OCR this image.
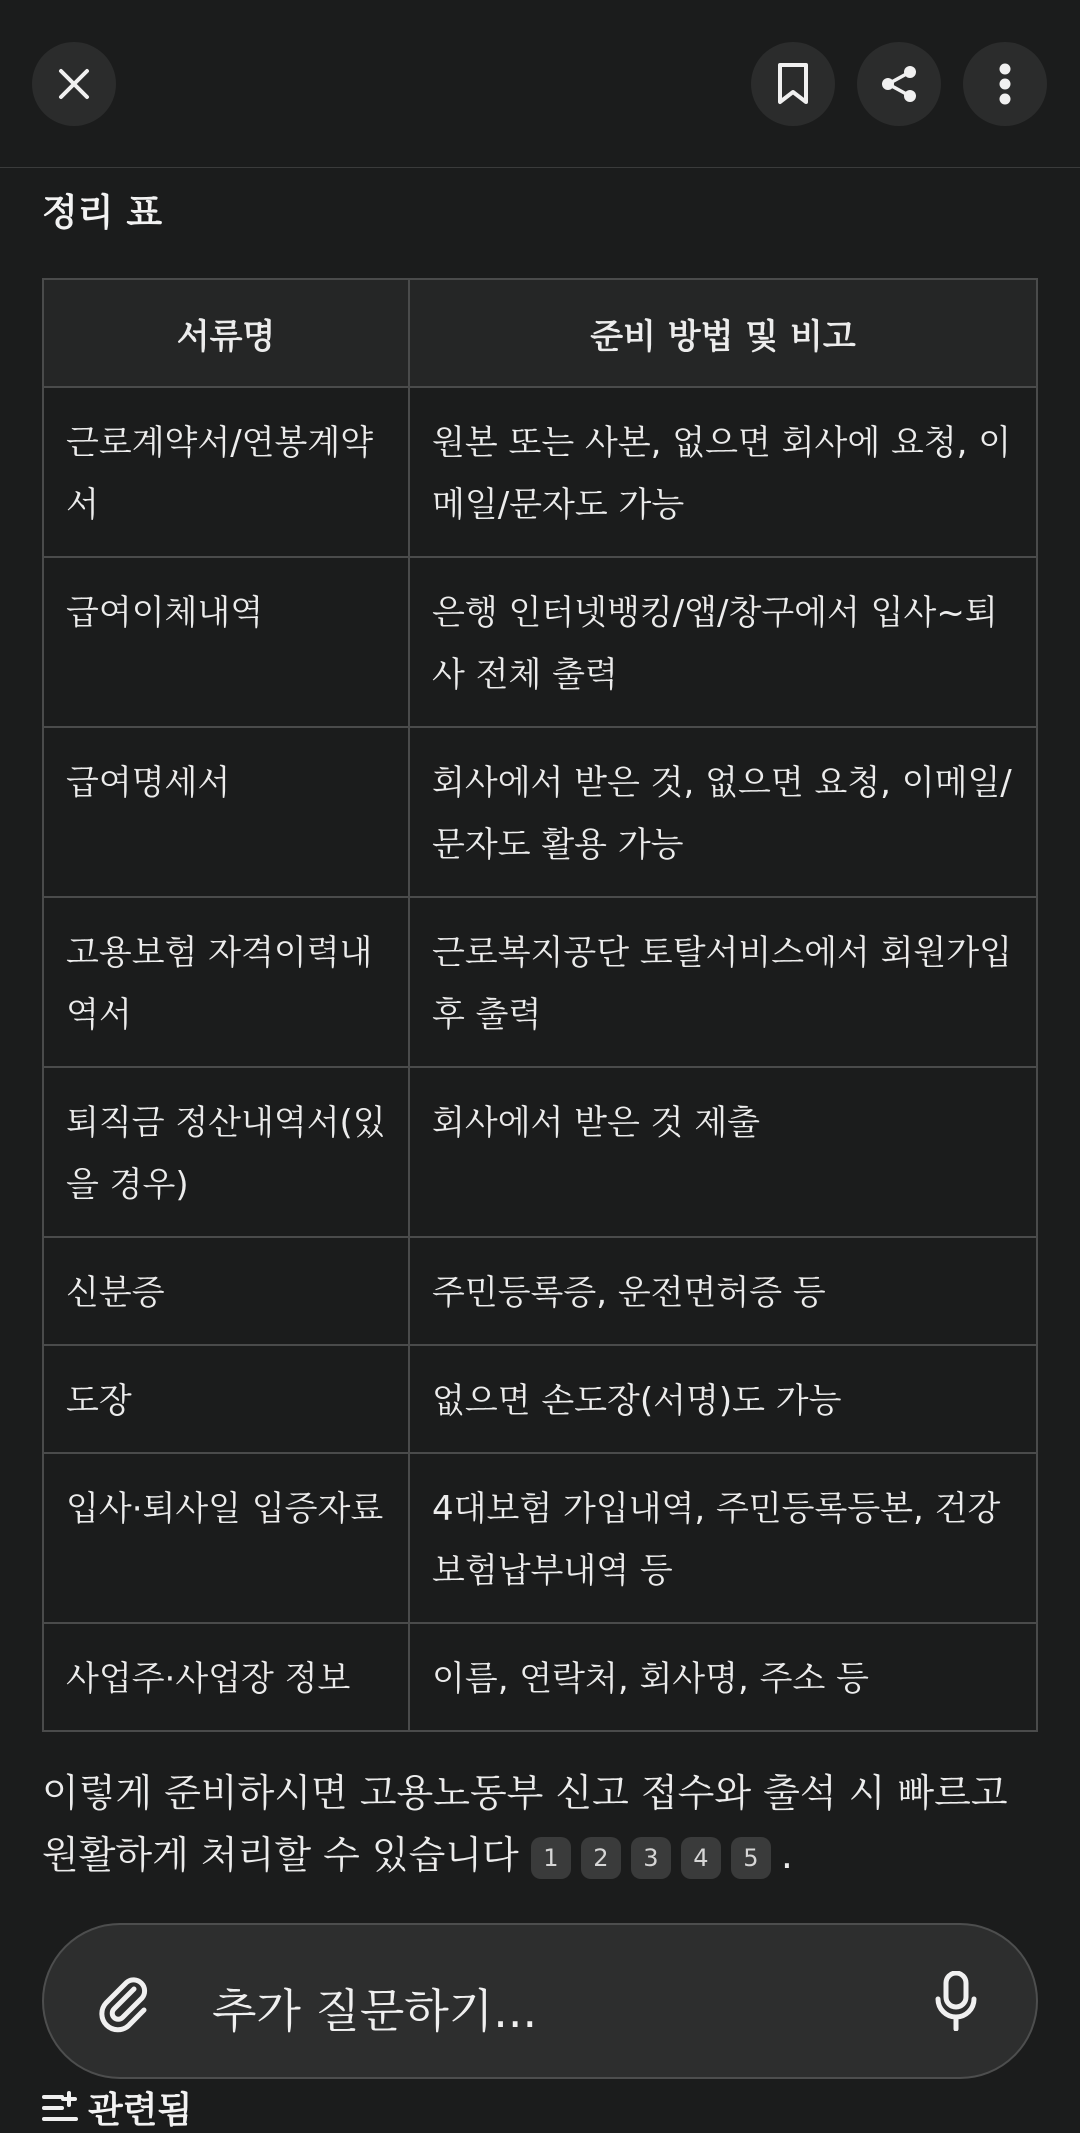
정리 표
서류명	준비 방법 및 비고
근로계약서/연봉계약서	원본 또는 사본, 없으면 회사에 요청, 이메일/문자도 가능
급여이체내역	은행 인터넷뱅킹/앱/창구에서 입사~퇴사 전체 출력
급여명세서	회사에서 받은 것, 없으면 요청, 이메일/문자도 활용 가능
고용보험 자격이력내역서	근로복지공단 토탈서비스에서 회원가입 후 출력
퇴직금 정산내역서(있을 경우)	회사에서 받은 것 제출
신분증	주민등록증, 운전면허증 등
도장	없으면 손도장(서명)도 가능
입사·퇴사일 입증자료	4대보험 가입내역, 주민등록등본, 건강보험납부내역 등
사업주·사업장 정보	이름, 연락처, 회사명, 주소 등
이렇게 준비하시면 고용노동부 신고 접수와 출석 시 빠르고 원활하게 처리할 수 있습니다 1 2 3 4 5 .
관련됨
추가 질문하기...
